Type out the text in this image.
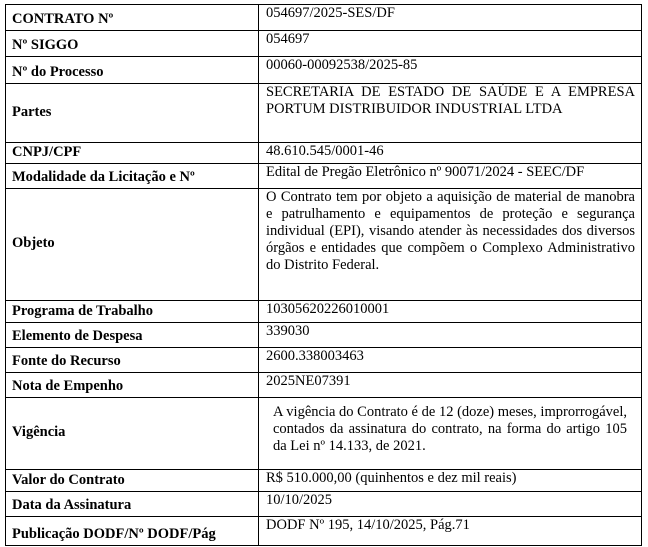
CONTRATO Nº	054697/2025-SES/DF
Nº SIGGO	054697
Nº do Processo	00060-00092538/2025-85
Partes	SECRETARIA DE ESTADO DE SAÚDE E A EMPRESA PORTUM DISTRIBUIDOR INDUSTRIAL LTDA
CNPJ/CPF	48.610.545/0001-46
Modalidade da Licitação e Nº	Edital de Pregão Eletrônico nº 90071/2024 - SEEC/DF
Objeto	O Contrato tem por objeto a aquisição de material de manobra e patrulhamento e equipamentos de proteção e segurança individual (EPI), visando atender às necessidades dos diversos órgãos e entidades que compõem o Complexo Administrativo do Distrito Federal.
Programa de Trabalho	10305620226010001
Elemento de Despesa	339030
Fonte do Recurso	2600.338003463
Nota de Empenho	2025NE07391
Vigência	A vigência do Contrato é de 12 (doze) meses, improrrogável, contados da assinatura do contrato, na forma do artigo 105 da Lei nº 14.133, de 2021.
Valor do Contrato	R$ 510.000,00 (quinhentos e dez mil reais)
Data da Assinatura	10/10/2025
Publicação DODF/Nº DODF/Pág	DODF Nº 195, 14/10/2025, Pág.71
